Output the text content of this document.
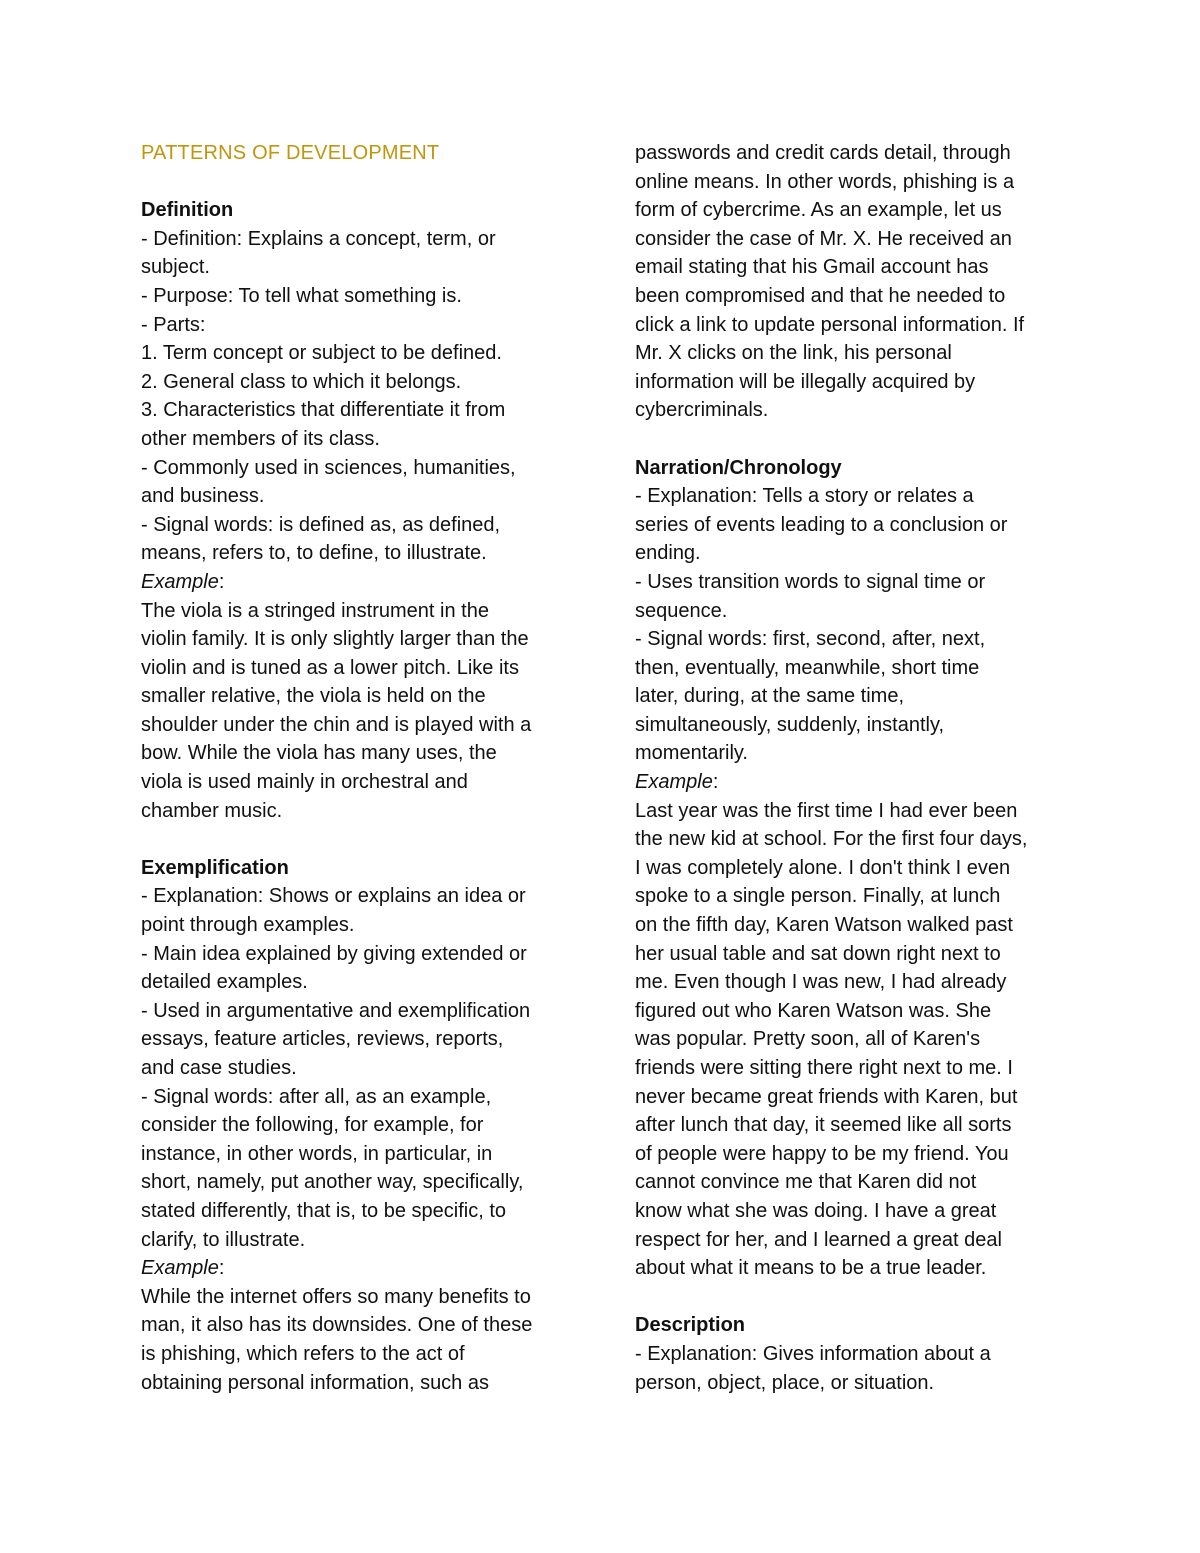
PATTERNS OF DEVELOPMENT
Definition
- Definition: Explains a concept, term, or
subject.
- Purpose: To tell what something is.
- Parts:
1. Term concept or subject to be defined.
2. General class to which it belongs.
3. Characteristics that differentiate it from
other members of its class.
- Commonly used in sciences, humanities,
and business.
- Signal words: is defined as, as defined,
means, refers to, to define, to illustrate.
Example:
The viola is a stringed instrument in the
violin family. It is only slightly larger than the
violin and is tuned as a lower pitch. Like its
smaller relative, the viola is held on the
shoulder under the chin and is played with a
bow. While the viola has many uses, the
viola is used mainly in orchestral and
chamber music.
Exemplification
- Explanation: Shows or explains an idea or
point through examples.
- Main idea explained by giving extended or
detailed examples.
- Used in argumentative and exemplification
essays, feature articles, reviews, reports,
and case studies.
- Signal words: after all, as an example,
consider the following, for example, for
instance, in other words, in particular, in
short, namely, put another way, specifically,
stated differently, that is, to be specific, to
clarify, to illustrate.
Example:
While the internet offers so many benefits to
man, it also has its downsides. One of these
is phishing, which refers to the act of
obtaining personal information, such as
passwords and credit cards detail, through
online means. In other words, phishing is a
form of cybercrime. As an example, let us
consider the case of Mr. X. He received an
email stating that his Gmail account has
been compromised and that he needed to
click a link to update personal information. If
Mr. X clicks on the link, his personal
information will be illegally acquired by
cybercriminals.
Narration/Chronology
- Explanation: Tells a story or relates a
series of events leading to a conclusion or
ending.
- Uses transition words to signal time or
sequence.
- Signal words: first, second, after, next,
then, eventually, meanwhile, short time
later, during, at the same time,
simultaneously, suddenly, instantly,
momentarily.
Example:
Last year was the first time I had ever been
the new kid at school. For the first four days,
I was completely alone. I don't think I even
spoke to a single person. Finally, at lunch
on the fifth day, Karen Watson walked past
her usual table and sat down right next to
me. Even though I was new, I had already
figured out who Karen Watson was. She
was popular. Pretty soon, all of Karen's
friends were sitting there right next to me. I
never became great friends with Karen, but
after lunch that day, it seemed like all sorts
of people were happy to be my friend. You
cannot convince me that Karen did not
know what she was doing. I have a great
respect for her, and I learned a great deal
about what it means to be a true leader.
Description
- Explanation: Gives information about a
person, object, place, or situation.
